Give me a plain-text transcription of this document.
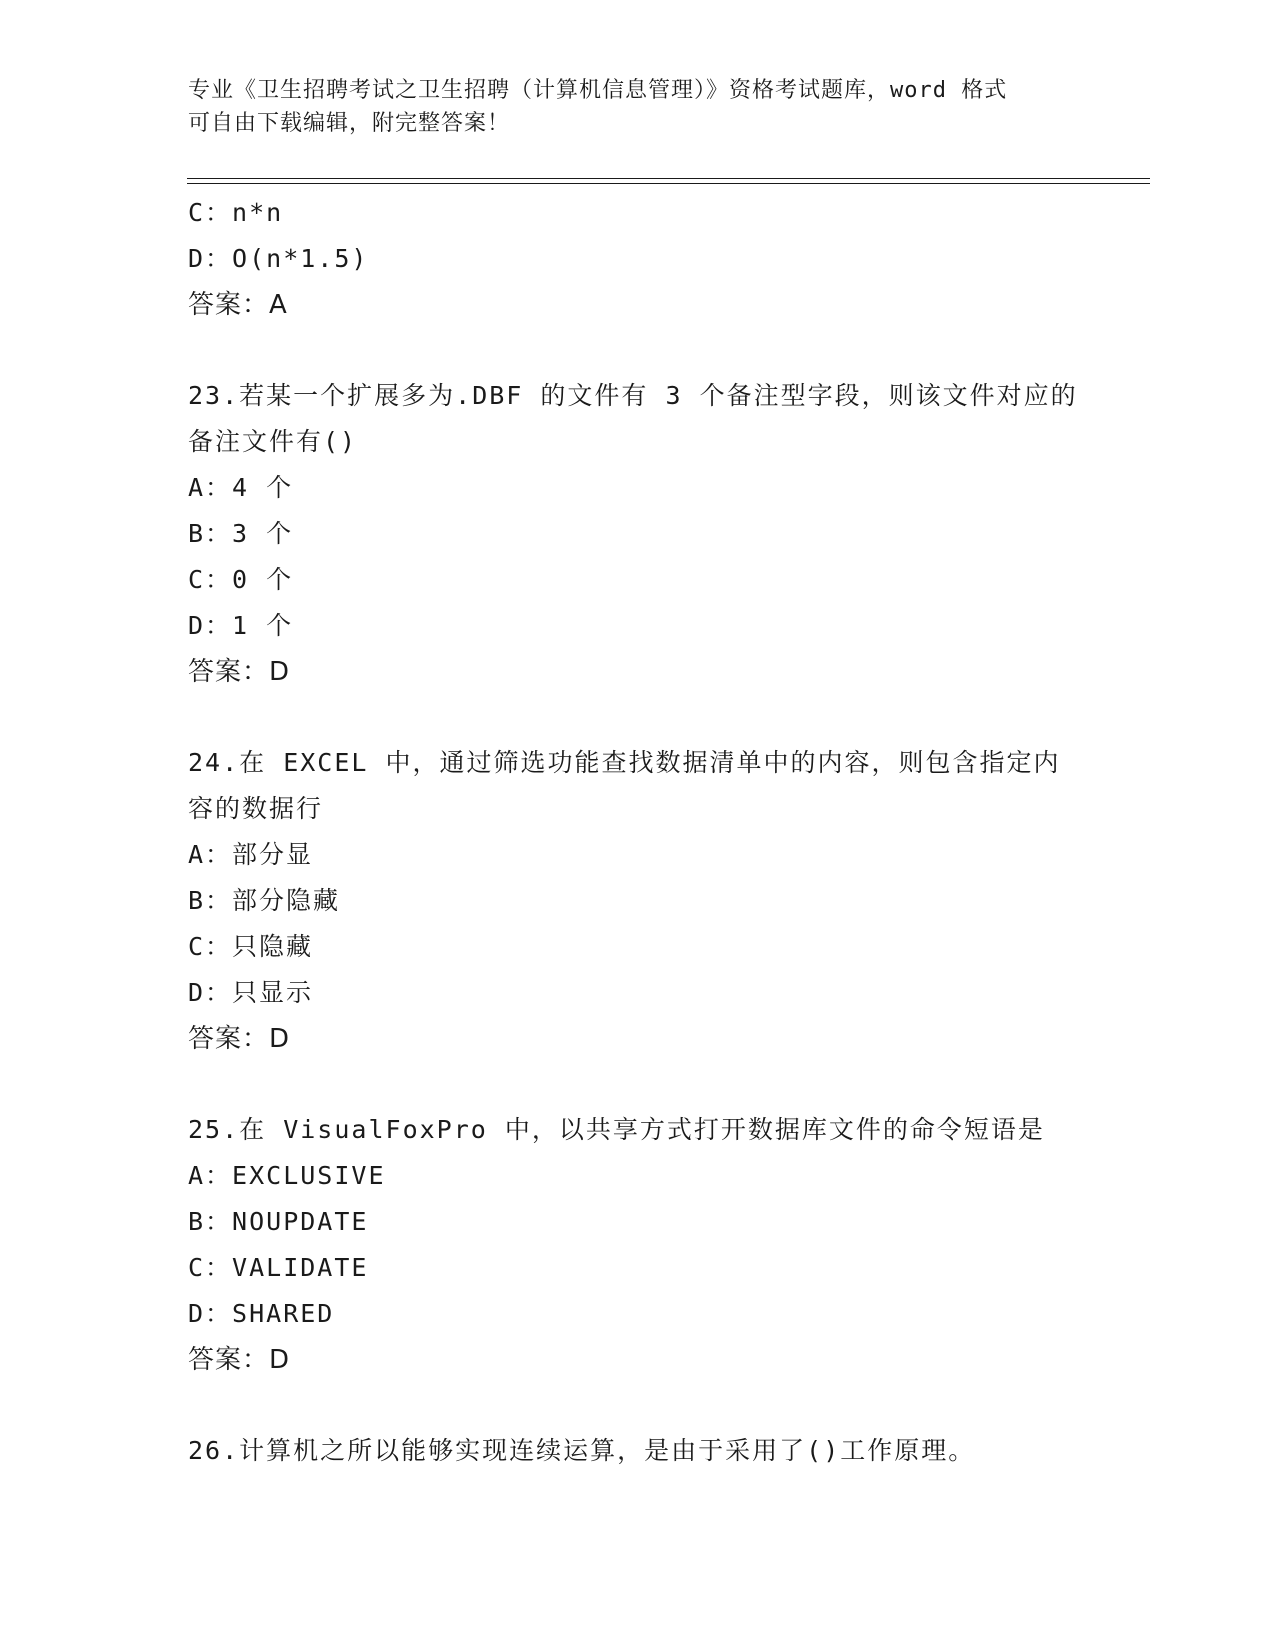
专业《卫生招聘考试之卫生招聘（计算机信息管理）》资格考试题库，word 格式
可自由下载编辑，附完整答案！
C：n*n
D：O(n*1.5)
答案：A
23.若某一个扩展多为.DBF 的文件有 3 个备注型字段，则该文件对应的
备注文件有()
A：4 个
B：3 个
C：0 个
D：1 个
答案：D
24.在 EXCEL 中，通过筛选功能查找数据清单中的内容，则包含指定内
容的数据行
A：部分显
B：部分隐藏
C：只隐藏
D：只显示
答案：D
25.在 VisualFoxPro 中，以共享方式打开数据库文件的命令短语是
A：EXCLUSIVE
B：NOUPDATE
C：VALIDATE
D：SHARED
答案：D
26.计算机之所以能够实现连续运算，是由于采用了()工作原理。
